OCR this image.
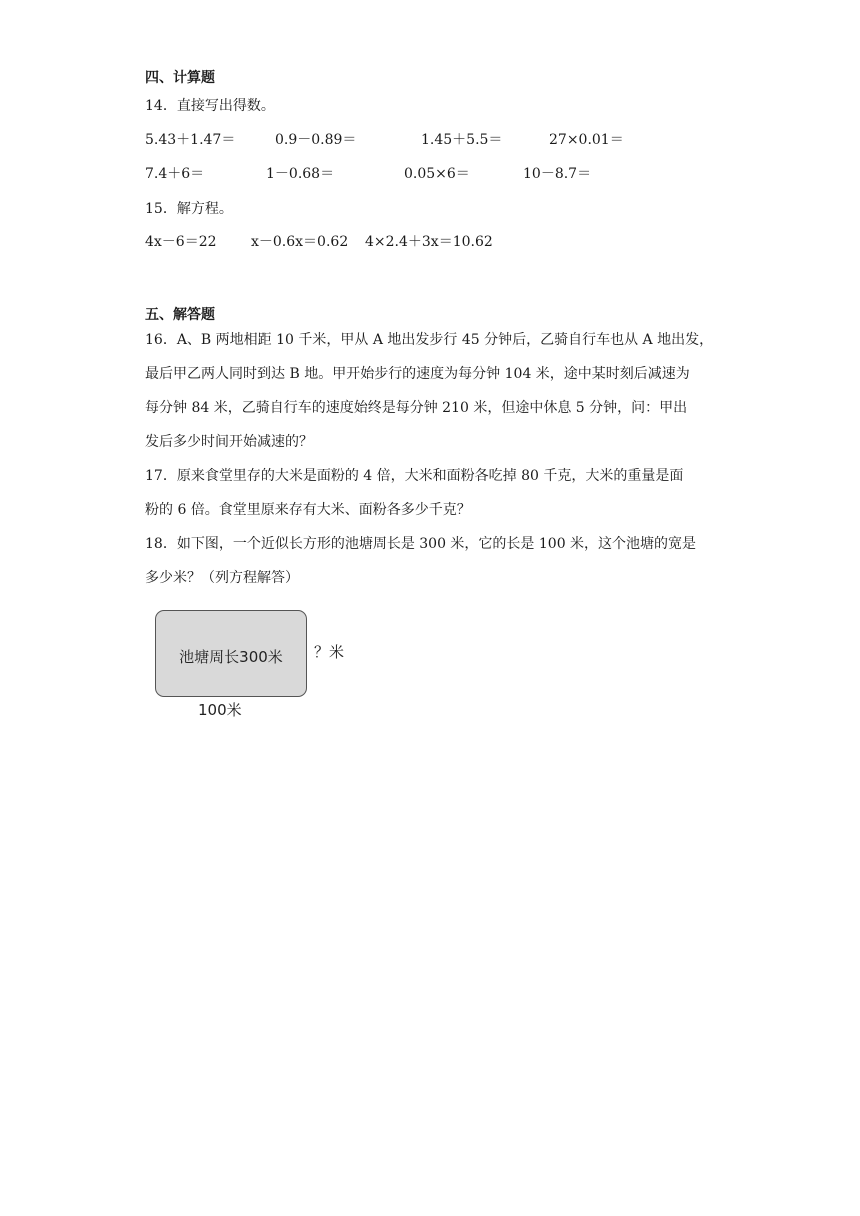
四、计算题
14．直接写出得数。
5.43＋1.47＝	0.9－0.89＝	1.45＋5.5＝	27×0.01＝
7.4＋6＝	1－0.68＝	0.05×6＝	10－8.7＝
15．解方程。
4x－6＝22 x－0.6x＝0.62 4×2.4＋3x＝10.62
五、解答题
16．A、B 两地相距 10 千米，甲从 A 地出发步行 45 分钟后，乙骑自行车也从 A 地出发，
最后甲乙两人同时到达 B 地。甲开始步行的速度为每分钟 104 米，途中某时刻后减速为
每分钟 84 米，乙骑自行车的速度始终是每分钟 210 米，但途中休息 5 分钟，问：甲出
发后多少时间开始减速的？
17．原来食堂里存的大米是面粉的 4 倍，大米和面粉各吃掉 80 千克，大米的重量是面
粉的 6 倍。食堂里原来存有大米、面粉各多少千克？
18．如下图，一个近似长方形的池塘周长是 300 米，它的长是 100 米，这个池塘的宽是
多少米？（列方程解答）
池塘周长300米	？米
100米
